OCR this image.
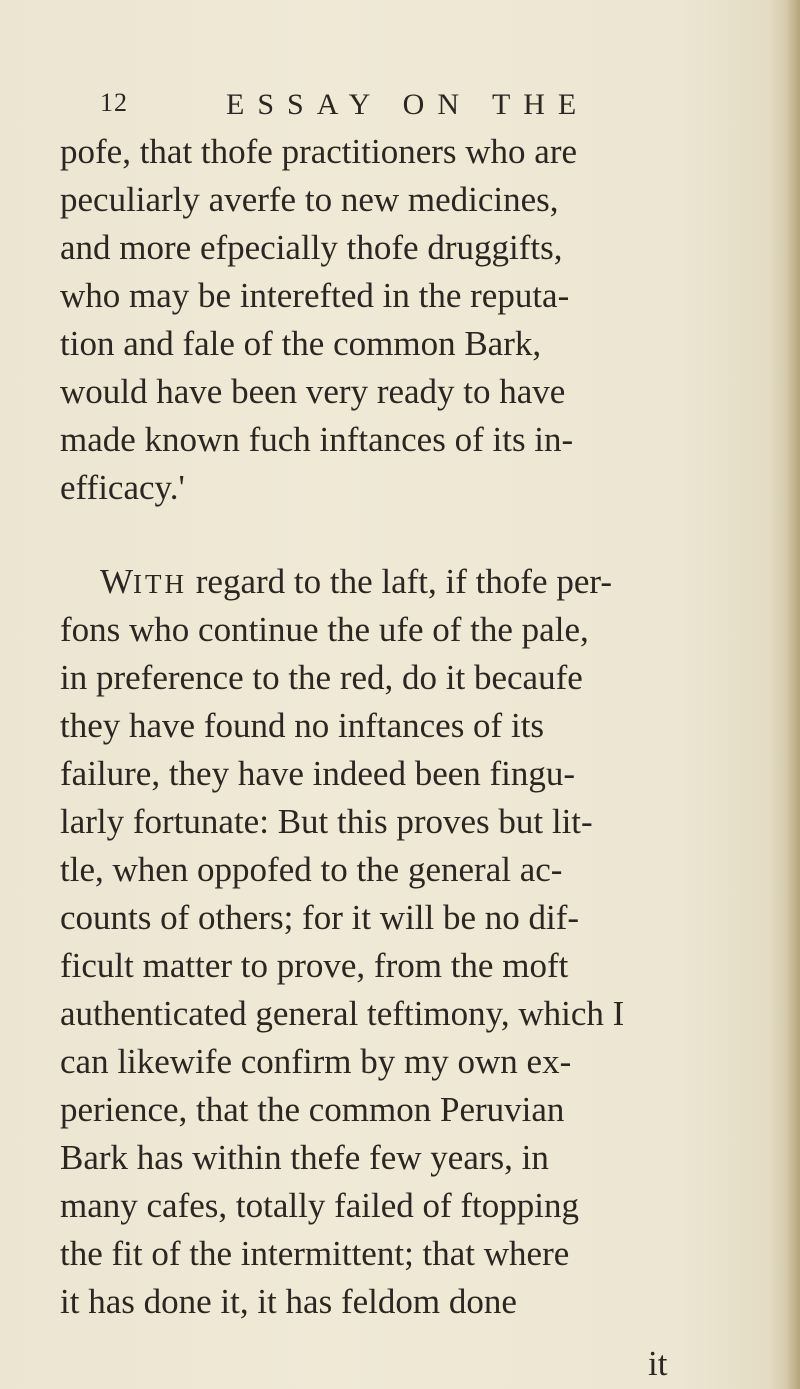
12	ESSAY ON THE
pofe, that thofe practitioners who are
peculiarly averfe to new medicines,
and more efpecially thofe druggifts,
who may be interefted in the reputa-
tion and fale of the common Bark,
would have been very ready to have
made known fuch inftances of its in-
efficacy.'
WITH regard to the laft, if thofe per-
fons who continue the ufe of the pale,
in preference to the red, do it becaufe
they have found no inftances of its
failure, they have indeed been fingu-
larly fortunate: But this proves but lit-
tle, when oppofed to the general ac-
counts of others; for it will be no dif-
ficult matter to prove, from the moft
authenticated general teftimony, which I
can likewife confirm by my own ex-
perience, that the common Peruvian
Bark has within thefe few years, in
many cafes, totally failed of ftopping
the fit of the intermittent; that where
it has done it, it has feldom done
it
